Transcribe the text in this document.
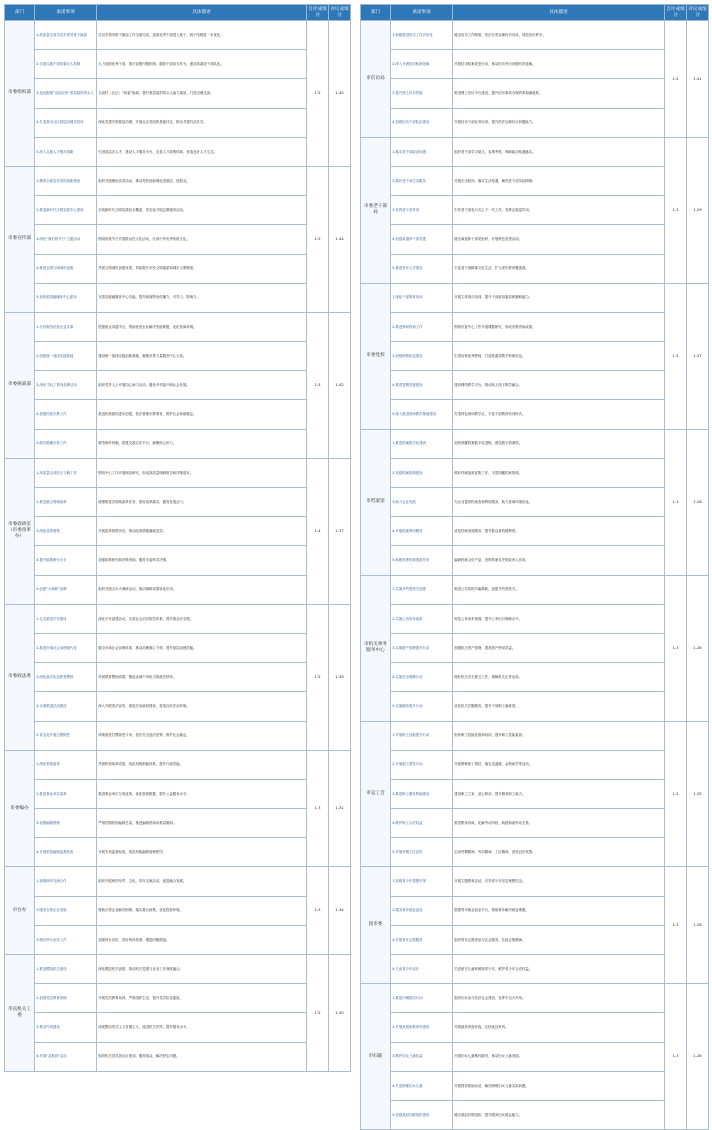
部门	承诺事项	具体描述	自评成绩分	评议成绩分
市委组织部	1.高质量完成市县乡领导班子换届	市县乡领导班子换届工作全面完成，选拔优秀干部进入班子，班子结构进一步优化。	1.5	1.45
	2.全面实施干部知事识人机制	大力选树优秀干部，推行容错纠错机制，激励干部担当作为，建设高素质干部队伍。		
	3.选优配强“双创双争”基层组织带头人	完成村（社区）“两委”换届，提升基层组织带头人能力素质，打造过硬支部。		
	4.打造我市社区基层治理共同体	深化党建引领基层治理，开展社区党组织星级评定，推动共建共治共享。		
	5.深入实施人才强市战略	引进高层次人才，建设人才服务平台，完善人才政策体系，营造良好人才生态。		
市委宣传部	1.精准全面宣传党的创新理论	组织开展理论宣讲活动，推动党的创新理论进基层、进群众。	1.5	1.44
	2.推进新时代文明实践中心建设	实现新时代文明实践站全覆盖，常态化开展志愿服务活动。		
	3.深化“我们的节日”主题活动	围绕传统节日开展群众性文化活动，弘扬中华优秀传统文化。		
	4.推进全国文明城市创建	巩固文明城市创建成果，持续提升市民文明素质和城市文明程度。		
	5.加快推进融媒体中心建设	完善县级融媒体中心功能，提升新闻舆论传播力、引导力、影响力。		
市委统战部	1.办好服务民营企业实事	搭建政企沟通平台，帮助民营企业解决发展难题，优化营商环境。	1.5	1.42
	2.创建统一战线实践基地	建设统一战线实践创新基地，凝聚各界力量服务中心大局。		
	3.深化“同心”系列品牌活动	组织党外人士开展同心助力活动，服务乡村振兴和社会发展。		
	4.加强民族宗教工作	推进民族团结进步创建，依法管理宗教事务，维护社会和谐稳定。		
	5.做好港澳台侨工作	联络海外侨胞，搭建交流合作平台，凝聚侨心侨力。		
市委政研室（市委改革办）	1.高质量完成综合文稿工作	围绕中心工作开展调查研究，形成高质量调研报告和决策建议。	1.4	1.37
	2.推进重点领域改革	统筹推进各领域改革任务，抓好改革落实，激发发展活力。		
	3.深化改革督察	开展改革督察评估，推动改革措施落地见效。		
	4.提升政策研究水平	加强政策研究和决策咨询，服务市委科学决策。		
	5.创建“大调研”品牌	组织开展全市大调研活动，推动调研成果转化应用。		
市委政法委	1.扎实推进平安建设	深化平安创建活动，完善社会治安防控体系，提升群众安全感。	1.5	1.39
	2.推进市域社会治理现代化	健全市域社会治理体系，推动治理重心下移，提升基层治理效能。		
	3.深化政法队伍教育整顿	巩固教育整顿成果，锻造忠诚干净担当的政法铁军。		
	4.全面推进法治建设	深入开展普法宣传，推进法治政府建设，营造良好法治环境。		
	5.常态化开展扫黑除恶	持续推进扫黑除恶斗争，依法打击违法犯罪，维护社会稳定。		
市委编办	1.深化机构改革	巩固机构改革成果，优化机构职能体系，提升行政效能。	1.3	1.31
	2.推进事业单位改革	推进事业单位分类改革，优化资源配置，提升公益服务水平。		
	3.加强编制管理	严格控制机构编制总量，推进编制资源向基层倾斜。		
	4.开展机构编制监督检查	开展专项监督检查，规范机构编制管理秩序。		
市台办	1.加强两岸交流合作	组织开展两岸经贸、文化、青年交流活动，促进融合发展。	1.5	1.34
	2.服务台资企业发展	帮助台资企业解决困难，落实惠台政策，优化投资环境。		
	3.做好涉台宣传工作	加强涉台宣传，讲好两岸故事，增进同胞情谊。		
市直机关工委	1.推进模范机关建设	深化模范机关创建，推动机关党建与业务工作深度融合。	1.5	1.30
	2.加强党员教育管理	开展党员教育培训，严格组织生活，提升党员队伍素质。		
	3.推动作风建设	持续整治形式主义官僚主义，改进机关作风，提升服务水平。		
	4.开展“双报到”活动	组织机关党员到社区报到，服务群众，解决民生问题。		
部门	承诺事项	具体描述	自评成绩分	评议成绩分
市信访局	1.积极推进信访工作法治化	健全信访工作制度，依法分类处理信访诉求，规范信访秩序。	1.5	1.41
	2.深入开展信访积案化解	开展信访积案攻坚行动，推动信访突出问题有效化解。		
	3.提升网上信访效能	推进网上信访平台建设，提升信访事项办理效率和满意度。		
	4.加强信访干部队伍建设	开展信访干部业务培训，提升依法处理信访问题能力。		
市委老干部局	1.落实老干部政治待遇	组织老干部学习阅文、参观考察，保障政治待遇落实。	1.3	1.29
	2.做好老干部生活服务	开展走访慰问，落实生活待遇，解决老干部实际困难。		
	3.发挥老干部作用	引导老干部参与关心下一代工作，发挥正能量作用。		
	4.加强离退休干部党建	健全离退休干部党组织，开展特色党建活动。		
	5.推进老年大学建设	丰富老干部精神文化生活，扩大老年教育覆盖面。		
市委党校	1.深化干部教育培训	开展主体班次培训，提升干部政治素质和履职能力。	1.5	1.37
	2.推进科研咨询工作	围绕市委中心工作开展课题研究，形成决策咨询成果。		
	3.加强师资队伍建设	引进培养优秀教师，打造高素质教学科研队伍。		
	4.推进智慧党校建设	建设网络教学平台，推动线上线下教学融合。		
	5.深入推进现场教学基地建设	打造特色现场教学点，丰富干部教育培训形式。		
市档案馆	1.推进档案数字化建设	加快馆藏档案数字化进程，建设数字档案馆。	1.3	1.28
	2.加强档案资源建设	做好档案接收征集工作，丰富馆藏档案资源。		
	3.助力企业发展	为企业提供档案查询利用服务，助力营商环境优化。		
	4.开展档案利用服务	优化档案查阅服务，提升群众查档便利度。		
	5.积极发挥档案资政作用	编研档案文化产品，发挥档案存史资政育人作用。		
市机关事务服务中心	1.实施节约型机关创建	推进公共机构节能降耗，创建节约型机关。	1.3	1.28
	2.实施公务用车改革	规范公务用车管理，提升公务出行保障水平。		
	3.实施资产管理提升行动	加强机关资产管理，提高资产使用效益。		
	4.实施安全保障行动	做好机关安全保卫工作，保障机关正常运转。		
	5.实施服务提升行动	优化机关后勤服务，提升干部职工满意度。		
市总工会	1.开展职工技能提升行动	组织职工技能竞赛和培训，提升职工技能素质。	1.2	1.25
	2.开展职工帮扶行动	开展困难职工帮扶，落实送温暖、金秋助学等活动。		
	3.推进职工服务阵地建设	建设职工之家、爱心驿站，提升服务职工能力。		
	4.维护职工合法权益	推进集体协商，化解劳动纠纷，构建和谐劳动关系。		
	5.开展劳模工匠宣传	弘扬劳模精神、劳动精神、工匠精神，营造良好氛围。		
团市委	1.加强青少年思想引领	开展主题教育活动，引导青少年坚定理想信念。	1.3	1.28
	2.服务青年就业创业	搭建青年就业创业平台，帮助青年解决就业难题。		
	3.开展青年志愿服务	组织青年志愿者参与社会服务，弘扬志愿精神。		
	4.关爱青少年成长	关爱留守儿童和困境青少年，维护青少年合法权益。		
市妇联	1.推进巾帼建功行动	组织妇女参与经济社会建设，发挥半边天作用。	1.3	1.28
	2.开展家庭家教家风建设	开展最美家庭评选，弘扬优良家风。		
	3.维护妇女儿童权益	开展妇女儿童维权服务，推动妇女儿童发展。		
	4.关爱困难妇女儿童	开展帮扶救助活动，解决困难妇女儿童实际问题。		
	5.加强基层妇联组织建设	健全基层妇联组织，提升服务妇女群众能力。		
